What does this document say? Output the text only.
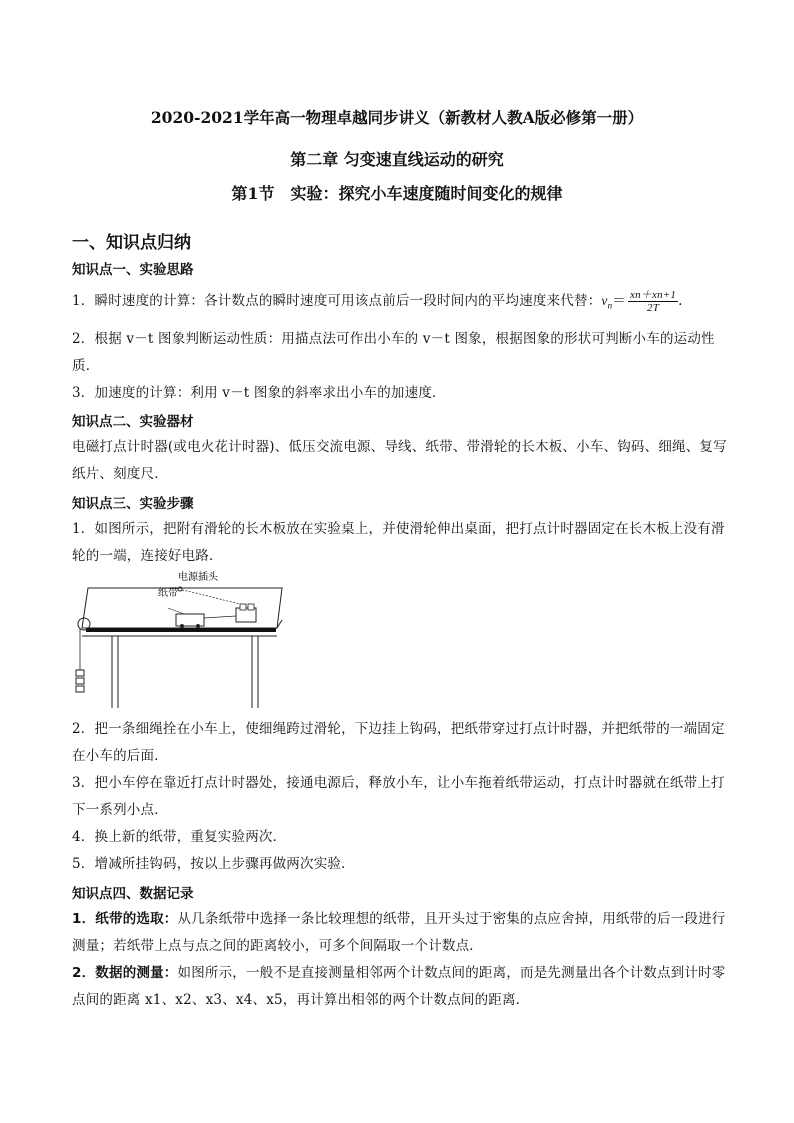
2020-2021学年高一物理卓越同步讲义（新教材人教A版必修第一册）
第二章 匀变速直线运动的研究
第1节　实验：探究小车速度随时间变化的规律
一、知识点归纳
知识点一、实验思路
1．瞬时速度的计算：各计数点的瞬时速度可用该点前后一段时间内的平均速度来代替：$v_n= \frac{xn+xn+1}{2T}$ .
2．根据 v－t 图象判断运动性质：用描点法可作出小车的 v－t 图象，根据图象的形状可判断小车的运动性质．
3．加速度的计算：利用 v－t 图象的斜率求出小车的加速度．
知识点二、实验器材
电磁打点计时器(或电火花计时器)、低压交流电源、导线、纸带、带滑轮的长木板、小车、钩码、细绳、复写纸片、刻度尺．
知识点三、实验步骤
1．如图所示，把附有滑轮的长木板放在实验桌上，并使滑轮伸出桌面，把打点计时器固定在长木板上没有滑轮的一端，连接好电路．
纸带
电源插头
2．把一条细绳拴在小车上，使细绳跨过滑轮，下边挂上钩码，把纸带穿过打点计时器，并把纸带的一端固定在小车的后面．
3．把小车停在靠近打点计时器处，接通电源后，释放小车，让小车拖着纸带运动，打点计时器就在纸带上打下一系列小点．
4．换上新的纸带，重复实验两次．
5．增减所挂钩码，按以上步骤再做两次实验．
知识点四、数据记录
1．纸带的选取：从几条纸带中选择一条比较理想的纸带，且开头过于密集的点应舍掉，用纸带的后一段进行测量；若纸带上点与点之间的距离较小，可多个间隔取一个计数点．
2．数据的测量：如图所示，一般不是直接测量相邻两个计数点间的距离，而是先测量出各个计数点到计时零点间的距离 x1、x2、x3、x4、x5，再计算出相邻的两个计数点间的距离．
